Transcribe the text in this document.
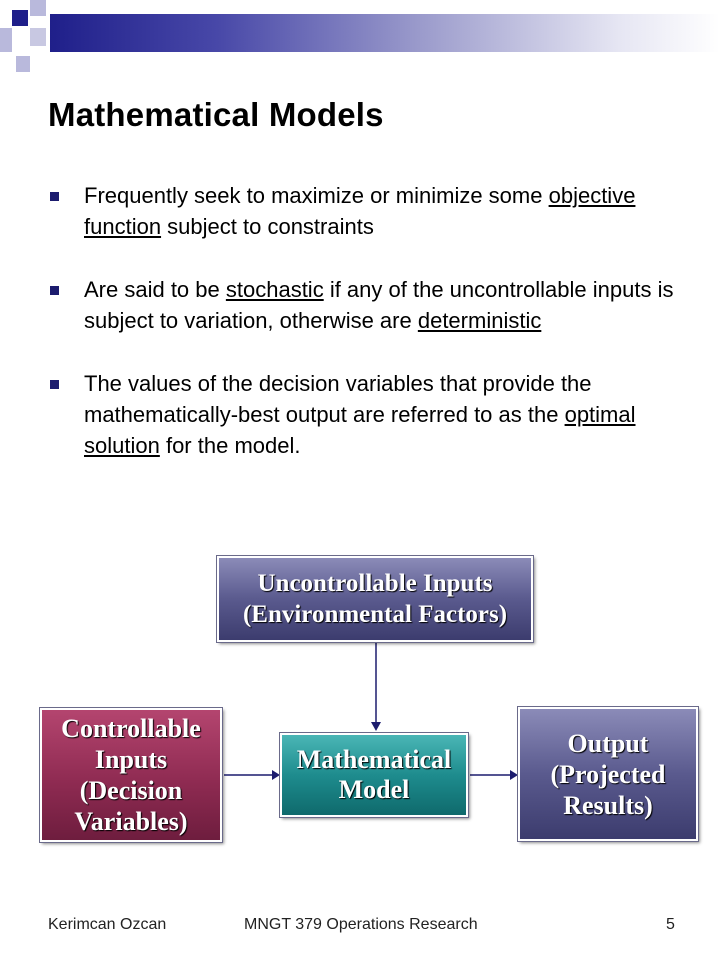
Mathematical Models
Frequently seek to maximize or minimize some objective function subject to constraints
Are said to be stochastic if any of the uncontrollable inputs is subject to variation, otherwise are deterministic
The values of the decision variables that provide the mathematically-best output are referred to as the optimal solution for the model.
Uncontrollable Inputs
(Environmental Factors)
Controllable
Inputs
(Decision
Variables)
Mathematical
Model
Output
(Projected
Results)
Kerimcan Ozcan	MNGT 379 Operations Research	5
